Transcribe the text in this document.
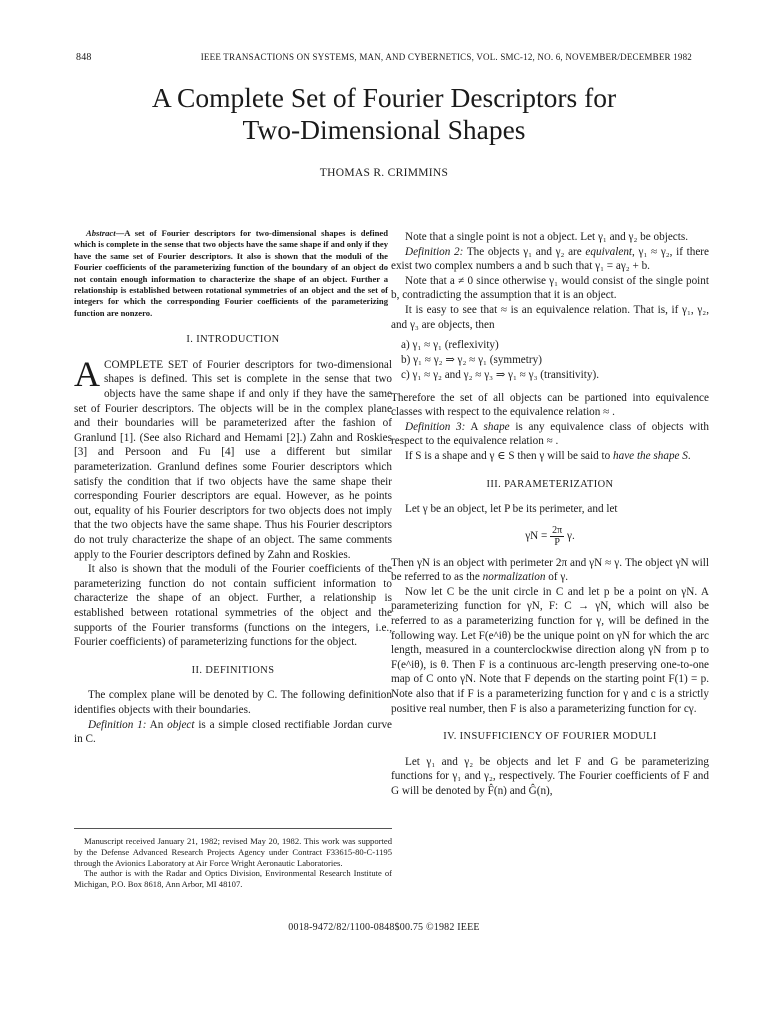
848	IEEE TRANSACTIONS ON SYSTEMS, MAN, AND CYBERNETICS, VOL. SMC-12, NO. 6, NOVEMBER/DECEMBER 1982
A Complete Set of Fourier Descriptors for
Two-Dimensional Shapes
THOMAS R. CRIMMINS

Abstract—A set of Fourier descriptors for two-dimensional shapes is defined which is complete in the sense that two objects have the same shape if and only if they have the same set of Fourier descriptors. It also is shown that the moduli of the Fourier coefficients of the parameterizing function of the boundary of an object do not contain enough information to characterize the shape of an object. Further a relationship is established between rotational symmetries of an object and the set of integers for which the corresponding Fourier coefficients of the parameterizing function are nonzero.

I. INTRODUCTION
A COMPLETE SET of Fourier descriptors for two-dimensional shapes is defined. This set is complete in the sense that two objects have the same shape if and only if they have the same set of Fourier descriptors. The objects will be in the complex plane and their boundaries will be parameterized after the fashion of Granlund [1]. (See also Richard and Hemami [2].) Zahn and Roskies [3] and Persoon and Fu [4] use a different but similar parameterization. Granlund defines some Fourier descriptors which satisfy the condition that if two objects have the same shape their corresponding Fourier descriptors are equal. However, as he points out, equality of his Fourier descriptors for two objects does not imply that the two objects have the same shape. Thus his Fourier descriptors do not truly characterize the shape of an object. The same comments apply to the Fourier descriptors defined by Zahn and Roskies.

It also is shown that the moduli of the Fourier coefficients of the parameterizing function do not contain sufficient information to characterize the shape of an object. Further, a relationship is established between rotational symmetries of the object and the supports of the Fourier transforms (functions on the integers, i.e., Fourier coefficients) of parameterizing functions for the object.

II. DEFINITIONS

The complex plane will be denoted by C. The following definition identifies objects with their boundaries.

Definition 1: An object is a simple closed rectifiable Jordan curve in C.

Manuscript received January 21, 1982; revised May 20, 1982. This work was supported by the Defense Advanced Research Projects Agency under Contract F33615-80-C-1195 through the Avionics Laboratory at Air Force Wright Aeronautic Laboratories.

The author is with the Radar and Optics Division, Environmental Research Institute of Michigan, P.O. Box 8618, Ann Arbor, MI 48107.

Note that a single point is not a object. Let γ₁ and γ₂ be objects.

Definition 2: The objects γ₁ and γ₂ are equivalent, γ₁ ≈ γ₂, if there exist two complex numbers a and b such that γ₁ = aγ₂ + b.

Note that a ≠ 0 since otherwise γ₁ would consist of the single point b, contradicting the assumption that it is an object.

It is easy to see that ≈ is an equivalence relation. That is, if γ₁, γ₂, and γ₃ are objects, then

a) γ₁ ≈ γ₁ (reflexivity)
b) γ₁ ≈ γ₂ ⇒ γ₂ ≈ γ₁ (symmetry)
c) γ₁ ≈ γ₂ and γ₂ ≈ γ₃ ⇒ γ₁ ≈ γ₃ (transitivity).

Therefore the set of all objects can be partioned into equivalence classes with respect to the equivalence relation ≈ .

Definition 3: A shape is any equivalence class of objects with respect to the equivalence relation ≈ .

If S is a shape and γ ∈ S then γ will be said to have the shape S.

III. PARAMETERIZATION

Let γ be an object, let P be its perimeter, and let

$\gamma N = \frac{2\pi}{P} \gamma$.

Then γN is an object with perimeter 2π and γN ≈ γ. The object γN will be referred to as the normalization of γ.

Now let C be the unit circle in C and let p be a point on γN. A parameterizing function for γN, F: C → γN, which will also be referred to as a parameterizing function for γ, will be defined in the following way. Let F(e^iθ) be the unique point on γN for which the arc length, measured in a counterclockwise direction along γN from p to F(e^iθ), is θ. Then F is a continuous arc-length preserving one-to-one map of C onto γN. Note that F depends on the starting point F(1) = p. Note also that if F is a parameterizing function for γ and c is a strictly positive real number, then F is also a parameterizing function for cγ.

IV. INSUFFICIENCY OF FOURIER MODULI

Let γ₁ and γ₂ be objects and let F and G be parameterizing functions for γ₁ and γ₂, respectively. The Fourier coefficients of F and G will be denoted by F̂(n) and Ĝ(n),

0018-9472/82/1100-0848$00.75 ©1982 IEEE
